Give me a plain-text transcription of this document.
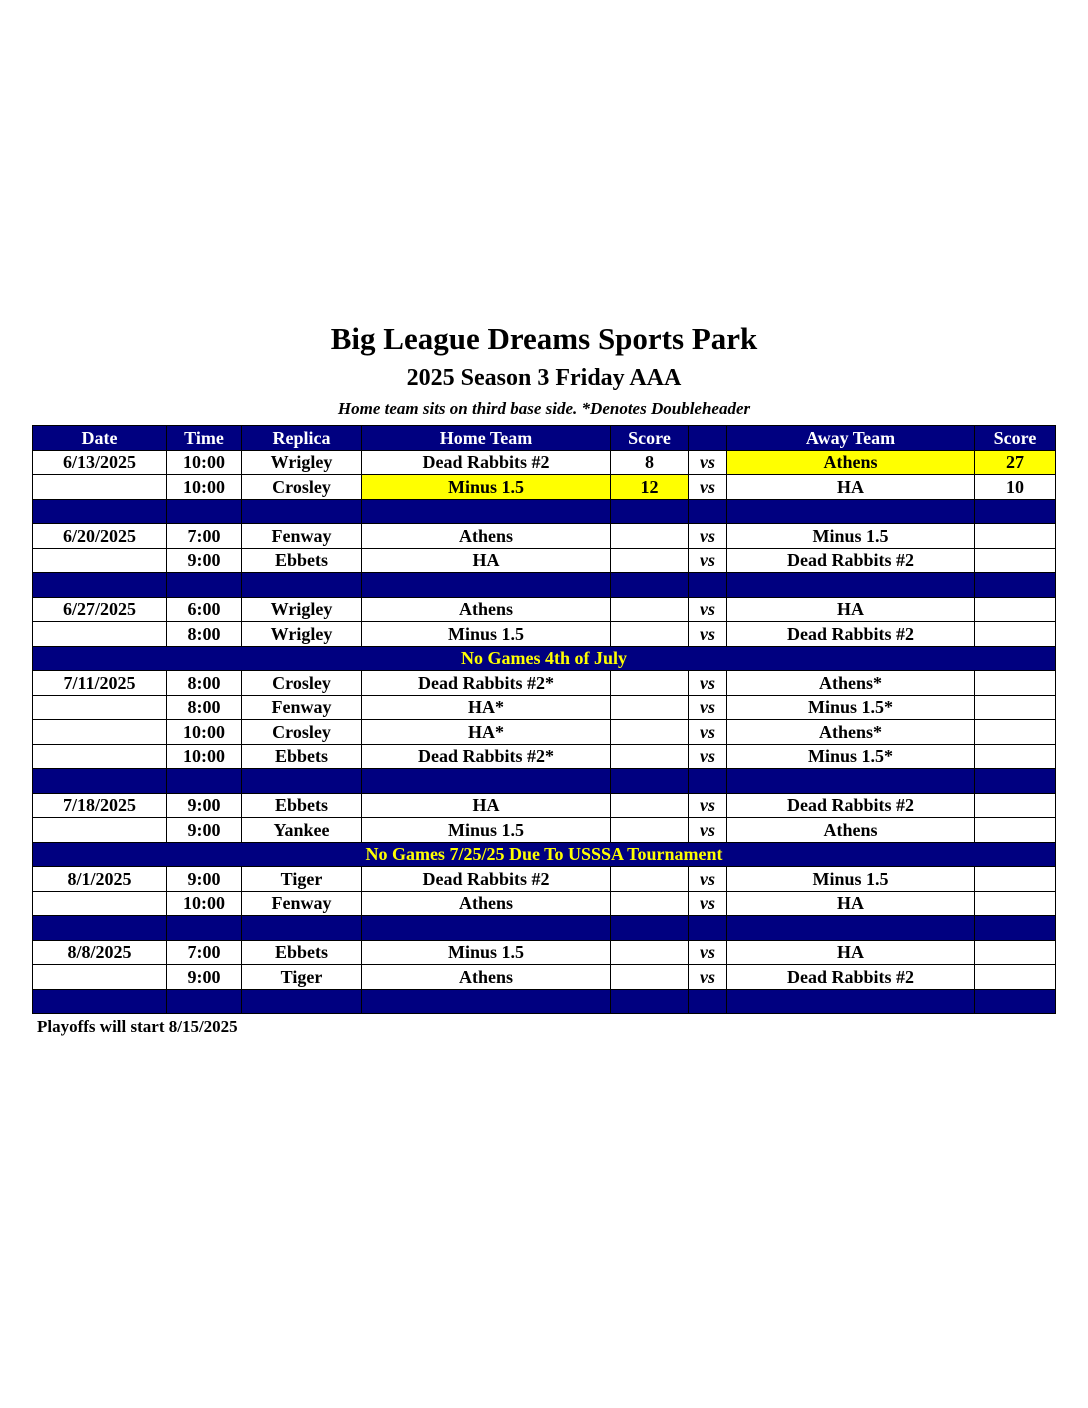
Big League Dreams Sports Park
2025 Season 3 Friday AAA
Home team sits on third base side. *Denotes Doubleheader
Date	Time	Replica	Home Team	Score		Away Team	Score
6/13/2025	10:00	Wrigley	Dead Rabbits #2	8	vs	Athens	27
	10:00	Crosley	Minus 1.5	12	vs	HA	10

6/20/2025	7:00	Fenway	Athens		vs	Minus 1.5	
	9:00	Ebbets	HA		vs	Dead Rabbits #2	

6/27/2025	6:00	Wrigley	Athens		vs	HA	
	8:00	Wrigley	Minus 1.5		vs	Dead Rabbits #2	
No Games 4th of July							
7/11/2025	8:00	Crosley	Dead Rabbits #2*		vs	Athens*	
	8:00	Fenway	HA*		vs	Minus 1.5*	
	10:00	Crosley	HA*		vs	Athens*	
	10:00	Ebbets	Dead Rabbits #2*		vs	Minus 1.5*	

7/18/2025	9:00	Ebbets	HA		vs	Dead Rabbits #2	
	9:00	Yankee	Minus 1.5		vs	Athens	
No Games 7/25/25 Due To USSSA Tournament							
8/1/2025	9:00	Tiger	Dead Rabbits #2		vs	Minus 1.5	
	10:00	Fenway	Athens		vs	HA	

8/8/2025	7:00	Ebbets	Minus 1.5		vs	HA	
	9:00	Tiger	Athens		vs	Dead Rabbits #2	

Playoffs will start 8/15/2025
